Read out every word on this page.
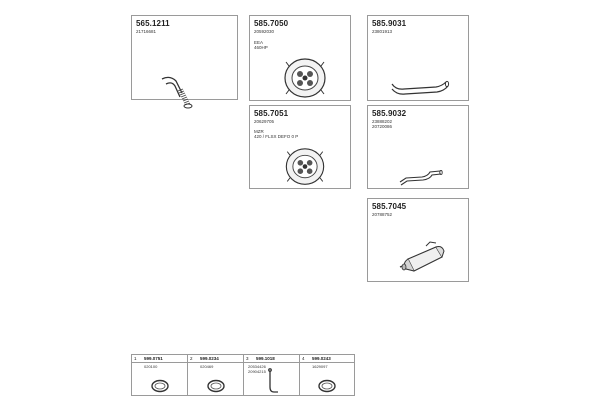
565.1211
21716681
585.7050
20592030
EEA
460HP
585.9031
23801913
585.7051
20629705
MZR
420 / FLSX DEFO 0 P
585.9032
23888202
20720086
585.7045
20788752
1 599.0751
020100
2 599.0234
020469
3 599.1018
20534426
20904215
4 599.0243
1629097
